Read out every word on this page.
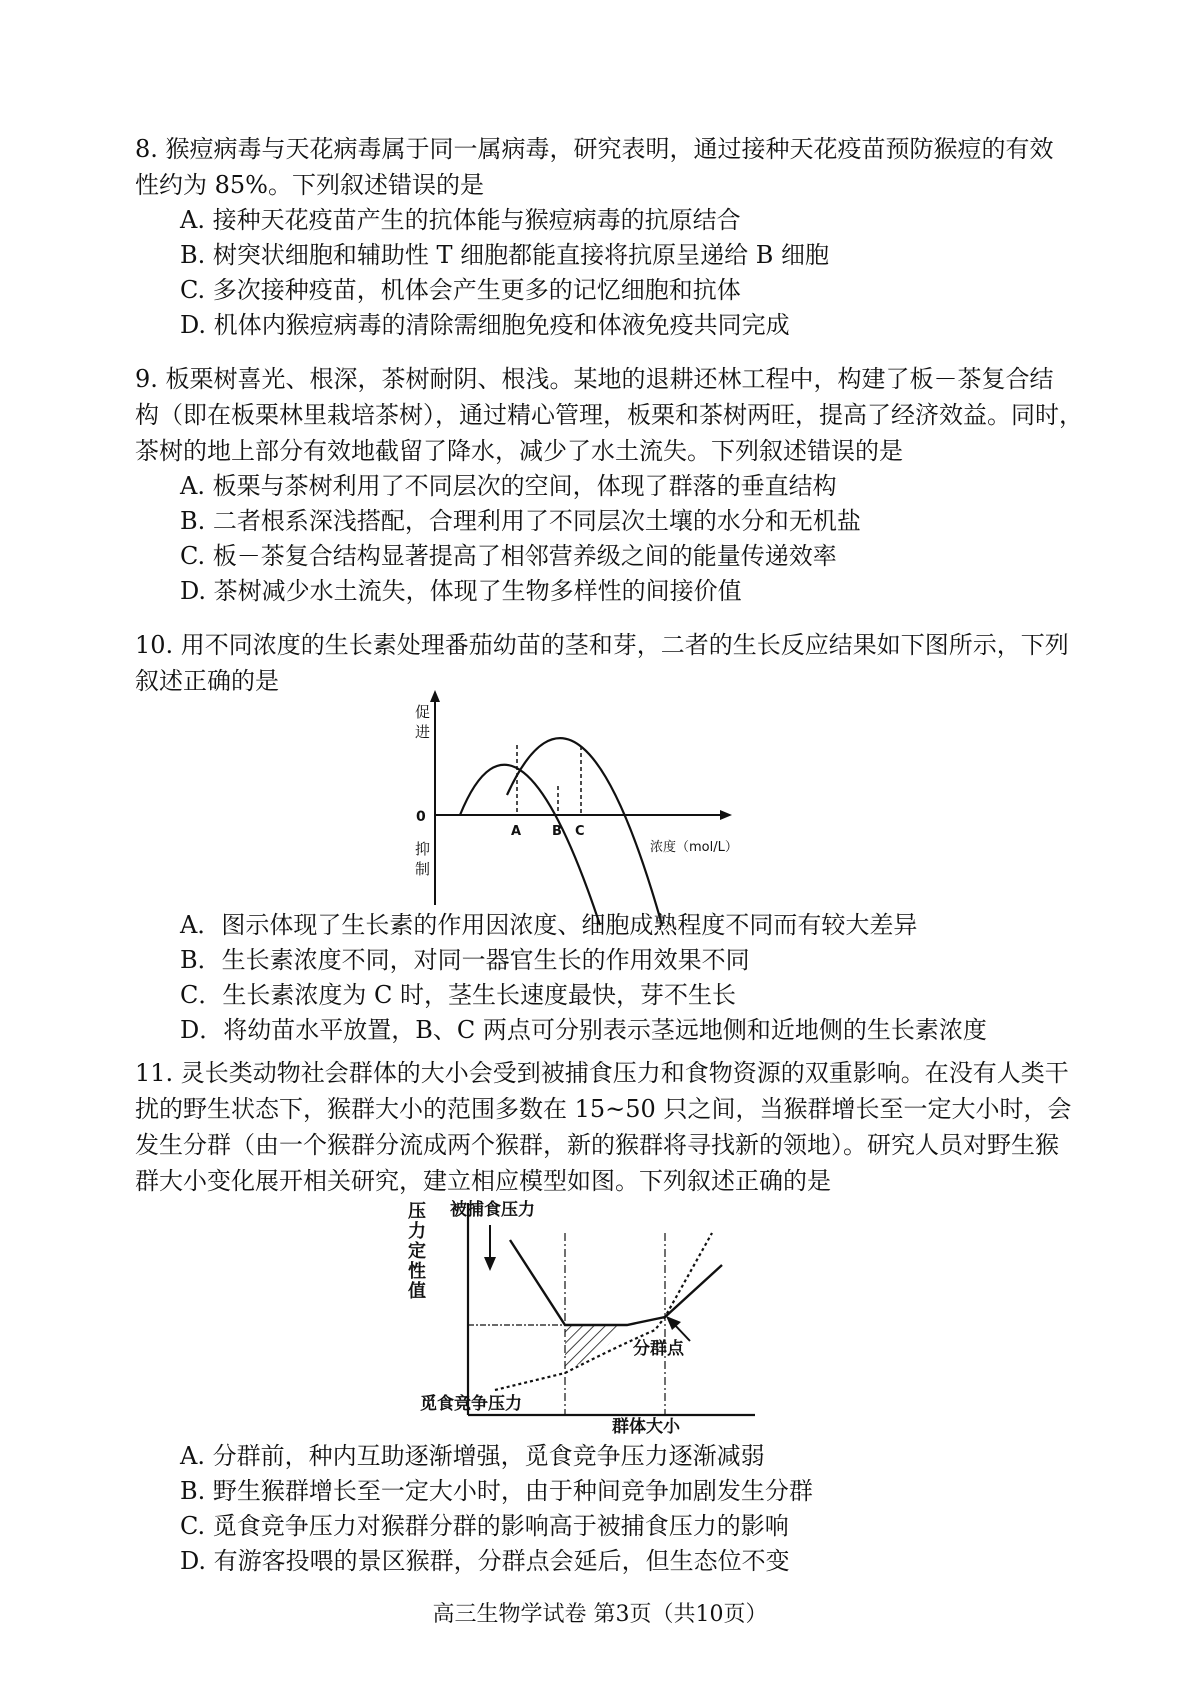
8. 猴痘病毒与天花病毒属于同一属病毒，研究表明，通过接种天花疫苗预防猴痘的有效

性约为 85%。下列叙述错误的是

A. 接种天花疫苗产生的抗体能与猴痘病毒的抗原结合

B. 树突状细胞和辅助性 T 细胞都能直接将抗原呈递给 B 细胞

C. 多次接种疫苗，机体会产生更多的记忆细胞和抗体

D. 机体内猴痘病毒的清除需细胞免疫和体液免疫共同完成

9. 板栗树喜光、根深，茶树耐阴、根浅。某地的退耕还林工程中，构建了板－茶复合结

构（即在板栗林里栽培茶树），通过精心管理，板栗和茶树两旺，提高了经济效益。同时，

茶树的地上部分有效地截留了降水，减少了水土流失。下列叙述错误的是

A. 板栗与茶树利用了不同层次的空间，体现了群落的垂直结构

B. 二者根系深浅搭配，合理利用了不同层次土壤的水分和无机盐

C. 板－茶复合结构显著提高了相邻营养级之间的能量传递效率

D. 茶树减少水土流失，体现了生物多样性的间接价值

10. 用不同浓度的生长素处理番茄幼苗的茎和芽，二者的生长反应结果如下图所示，下列

叙述正确的是

促
进
0
抑
制
A B C
浓度（mol/L）

A．图示体现了生长素的作用因浓度、细胞成熟程度不同而有较大差异

B．生长素浓度不同，对同一器官生长的作用效果不同

C．生长素浓度为 C 时，茎生长速度最快，芽不生长

D．将幼苗水平放置，B、C 两点可分别表示茎远地侧和近地侧的生长素浓度

11. 灵长类动物社会群体的大小会受到被捕食压力和食物资源的双重影响。在没有人类干

扰的野生状态下，猴群大小的范围多数在 15~50 只之间，当猴群增长至一定大小时，会

发生分群（由一个猴群分流成两个猴群，新的猴群将寻找新的领地）。研究人员对野生猴

群大小变化展开相关研究，建立相应模型如图。下列叙述正确的是

压
力
定
性
值
被捕食压力
分群点
觅食竞争压力
群体大小

A. 分群前，种内互助逐渐增强，觅食竞争压力逐渐减弱

B. 野生猴群增长至一定大小时，由于种间竞争加剧发生分群

C. 觅食竞争压力对猴群分群的影响高于被捕食压力的影响

D. 有游客投喂的景区猴群，分群点会延后，但生态位不变

高三生物学试卷 第3页（共10页）
